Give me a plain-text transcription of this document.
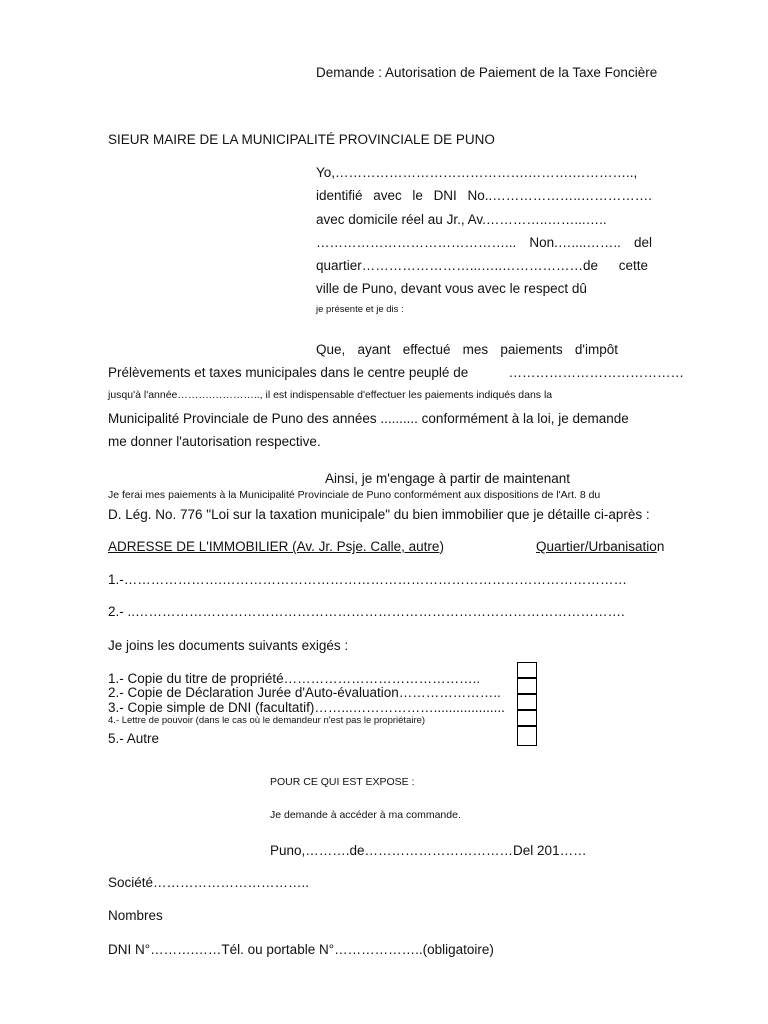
Demande : Autorisation de Paiement de la Taxe Foncière
SIEUR MAIRE DE LA MUNICIPALITÉ PROVINCIALE DE PUNO
Yo,…………………………………….……….…………..,
identifié avec le DNI No..………………..…………….
avec domicile réel au Jr., Av.…………..……...…..
……………………………………... Non.…....…….. del
quartier……………………...…..………………de cette
ville de Puno, devant vous avec le respect dû
je présente et je dis :
Que, ayant effectué mes paiements d'impôt
Prélèvements et taxes municipales dans le centre peuplé de	…………………………………
jusqu'à l'année……….………….., il est indispensable d'effectuer les paiements indiqués dans la
Municipalité Provinciale de Puno des années .......... conformément à la loi, je demande
me donner l'autorisation respective.
Ainsi, je m'engage à partir de maintenant
Je ferai mes paiements à la Municipalité Provinciale de Puno conformément aux dispositions de l'Art. 8 du
D. Lég. No. 776 "Loi sur la taxation municipale" du bien immobilier que je détaille ci-après :
ADRESSE DE L'IMMOBILIER (Av. Jr. Psje. Calle, autre)	Quartier/Urbanisation
1.-………………….………………………………………………………………………………
2.- ..……………………………………………………………………………………………….
Je joins les documents suivants exigés :
1.- Copie du titre de propriété……………………………………..
2.- Copie de Déclaration Jurée d'Auto-évaluation…………………..
3.- Copie simple de DNI (facultatif)……...………………...................
4.- Lettre de pouvoir (dans le cas où le demandeur n'est pas le propriétaire)
5.- Autre
POUR CE QUI EST EXPOSE :
Je demande à accéder à ma commande.
Puno,……….de……………………………Del 201……
Société……………………………..
Nombres
DNI N°……….……Tél. ou portable N°………………..(obligatoire)
